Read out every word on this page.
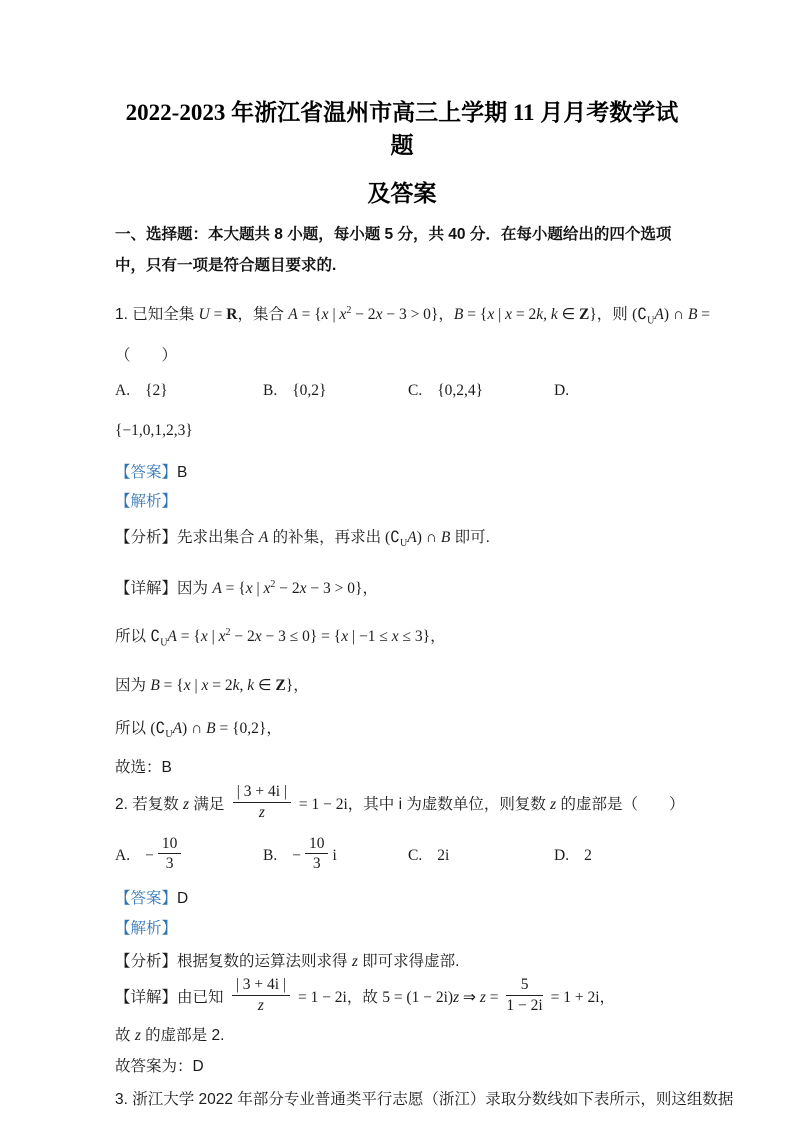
2022-2023 年浙江省温州市高三上学期 11 月月考数学试题
及答案

一、选择题：本大题共 8 小题，每小题 5 分，共 40 分．在每小题给出的四个选项中，只有一项是符合题目要求的.

1. 已知全集 U = R，集合 A = {x | $x^2 - 2x - 3 > 0$}，B = {x | x = 2k, k ∈ Z}，则 $(∁_UA)$ ∩ B =
（　　）
A. {2}	B. {0,2}	C. {0,2,4}	D.
{−1,0,1,2,3}
【答案】B
【解析】
【分析】先求出集合 A 的补集，再求出 $(∁_UA)$ ∩ B 即可.
【详解】因为 A = {x | $x^2 - 2x - 3 > 0$}，
所以 $∁_UA = \{x$ | $x^2 - 2x - 3 \le 0\} = \{x$ | −1 ≤ x ≤ 3}，
因为 B = {x | x = 2k, k ∈ Z}，
所以 $(∁_UA)$ ∩ B = {0,2}，
故选：B
2. 若复数 z 满足 $\frac{| 3 + 4i |}{z} = 1 - 2i$，其中 i 为虚数单位，则复数 z 的虚部是（　　）
A. − $\frac{10}{3}$	B. − $\frac{10}{3}$ i	C. 2i	D. 2
【答案】D
【解析】
【分析】根据复数的运算法则求得 z 即可求得虚部.
【详解】由已知 $\frac{| 3 + 4i |}{z} = 1 - 2i$，故 5 = (1 − 2i)z ⇒ $z = \frac{5}{1 - 2i} = 1 + 2i$，
故 z 的虚部是 2.
故答案为：D
3. 浙江大学 2022 年部分专业普通类平行志愿（浙江）录取分数线如下表所示，则这组数据
